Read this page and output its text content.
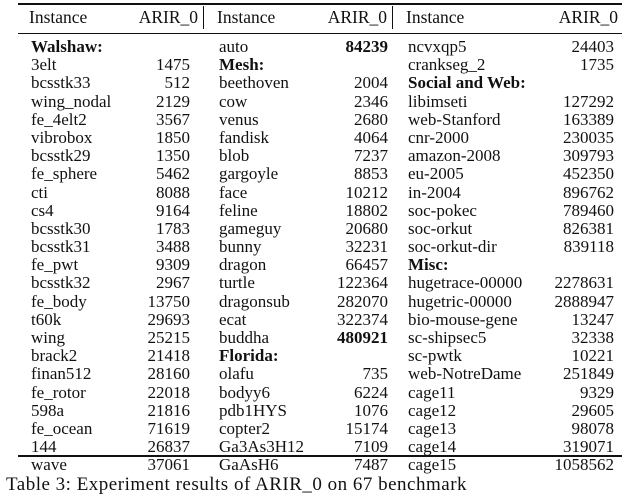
Instance	ARIR_0
Walshaw:
3elt	1475
bcsstk33	512
wing_nodal	2129
fe_4elt2	3567
vibrobox	1850
bcsstk29	1350
fe_sphere	5462
cti	8088
cs4	9164
bcsstk30	1783
bcsstk31	3488
fe_pwt	9309
bcsstk32	2967
fe_body	13750
t60k	29693
wing	25215
brack2	21418
finan512	28160
fe_rotor	22018
598a	21816
fe_ocean	71619
144	26837
wave	37061
Instance	ARIR_0
auto	84239
Mesh:
beethoven	2004
cow	2346
venus	2680
fandisk	4064
blob	7237
gargoyle	8853
face	10212
feline	18802
gameguy	20680
bunny	32231
dragon	66457
turtle	122364
dragonsub	282070
ecat	322374
buddha	480921
Florida:
olafu	735
bodyy6	6224
pdb1HYS	1076
copter2	15174
Ga3As3H12	7109
GaAsH6	7487
Instance	ARIR_0
ncvxqp5	24403
crankseg_2	1735
Social and Web:
libimseti	127292
web-Stanford	163389
cnr-2000	230035
amazon-2008	309793
eu-2005	452350
in-2004	896762
soc-pokec	789460
soc-orkut	826381
soc-orkut-dir	839118
Misc:
hugetrace-00000 2278631
hugetric-00000	2888947
bio-mouse-gene	13247
sc-shipsec5	32338
sc-pwtk	10221
web-NotreDame 251849
cage11	9329
cage12	29605
cage13	98078
cage14	319071
cage15	1058562
Table 3: Experiment results of ARIR_0 on 67 benchmark
